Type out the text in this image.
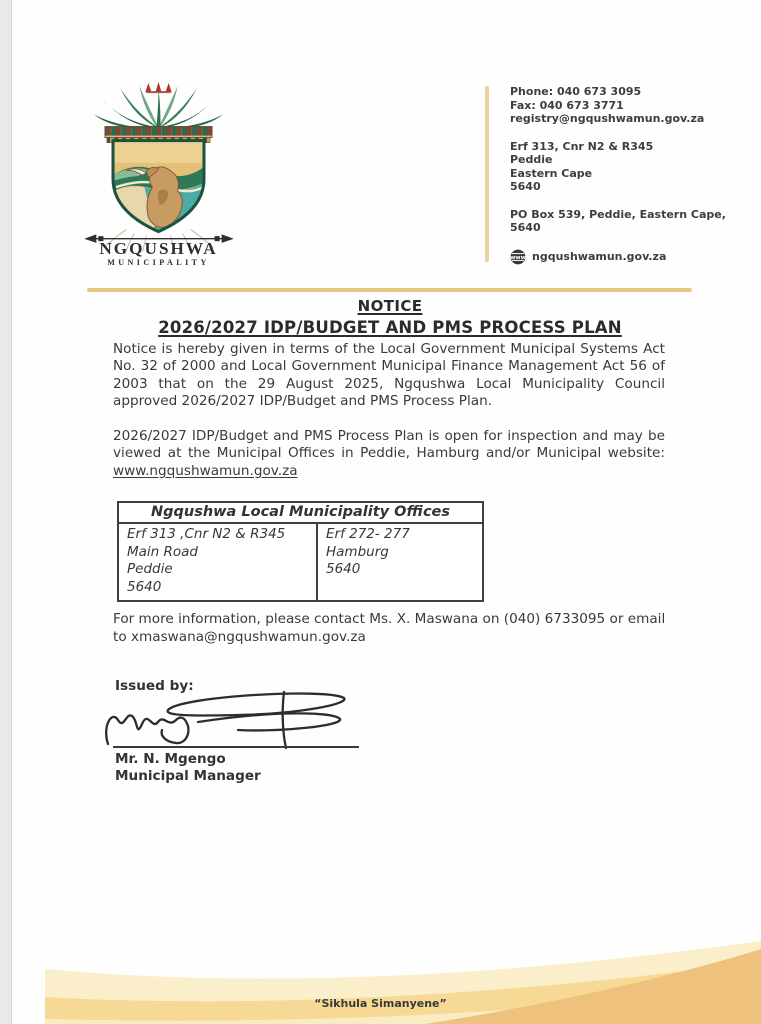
NGQUSHWA
MUNICIPALITY
Phone: 040 673 3095
Fax: 040 673 3771
registry@ngqushwamun.gov.za
Erf 313, Cnr N2 & R345
Peddie
Eastern Cape
5640
PO Box 539, Peddie, Eastern Cape, 5640
www ngqushwamun.gov.za
NOTICE
2026/2027 IDP/BUDGET AND PMS PROCESS PLAN
Notice is hereby given in terms of the Local Government Municipal Systems Act No. 32 of 2000 and Local Government Municipal Finance Management Act 56 of 2003 that on the 29 August 2025, Ngqushwa Local Municipality Council approved 2026/2027 IDP/Budget and PMS Process Plan.
2026/2027 IDP/Budget and PMS Process Plan is open for inspection and may be viewed at the Municipal Offices in Peddie, Hamburg and/or Municipal website: www.ngqushwamun.gov.za
Ngqushwa Local Municipality Offices
Erf 313 ,Cnr N2 & R345
Main Road
Peddie
5640
Erf 272- 277
Hamburg
5640
For more information, please contact Ms. X. Maswana on (040) 6733095 or email to xmaswana@ngqushwamun.gov.za
Issued by:
Mr. N. Mgengo
Municipal Manager
“Sikhula Simanyene”
